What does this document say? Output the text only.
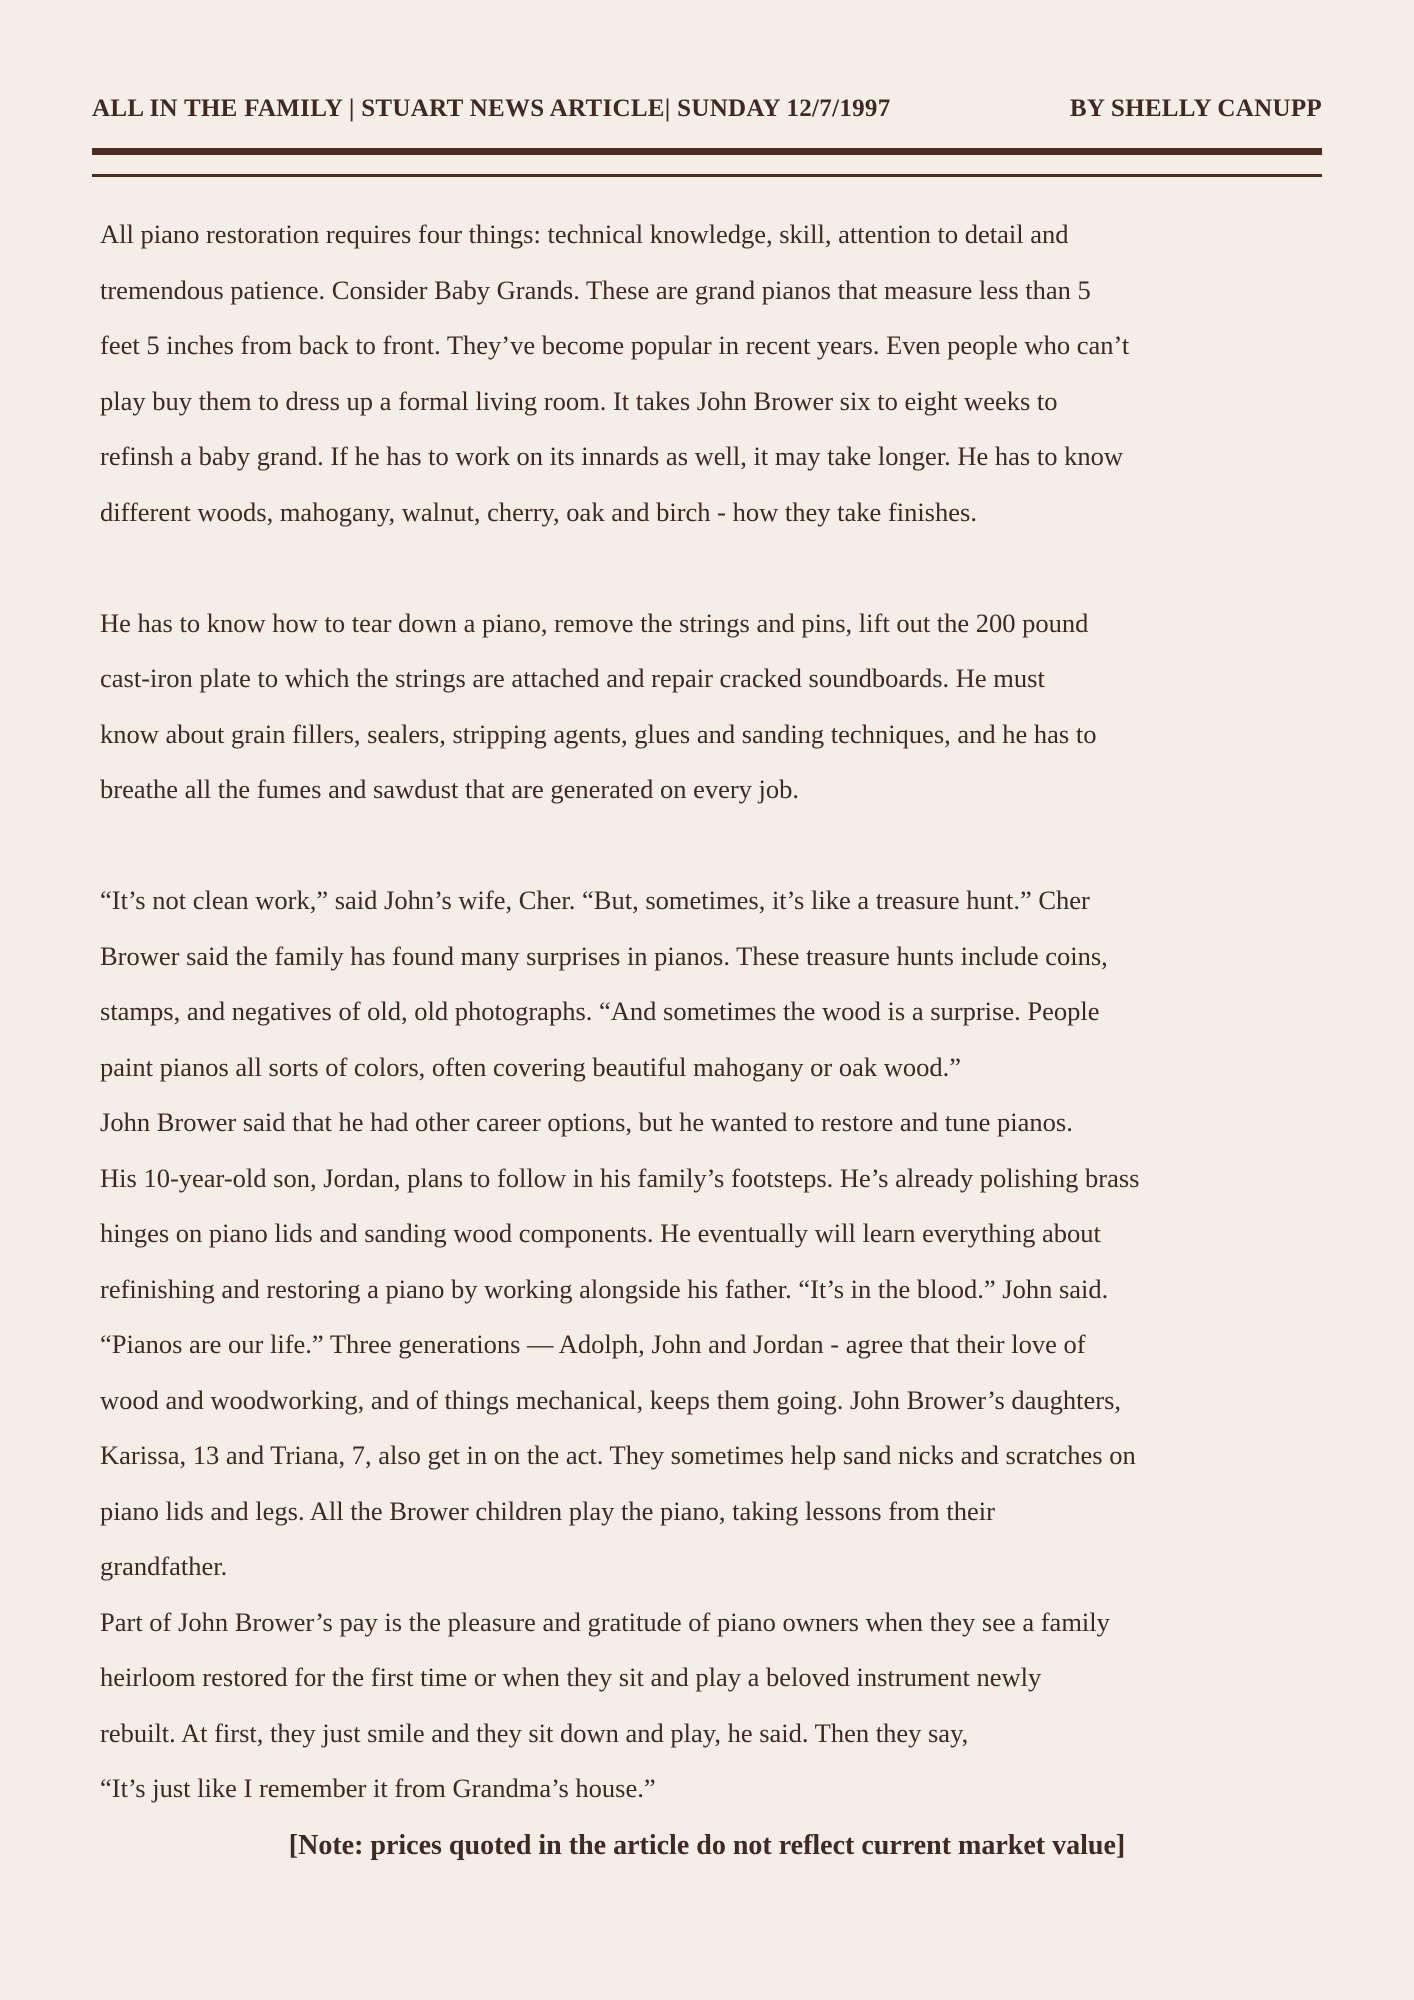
ALL IN THE FAMILY | STUART NEWS ARTICLE| SUNDAY 12/7/1997	BY SHELLY CANUPP
All piano restoration requires four things: technical knowledge, skill, attention to detail and
tremendous patience. Consider Baby Grands. These are grand pianos that measure less than 5
feet 5 inches from back to front. They’ve become popular in recent years. Even people who can’t
play buy them to dress up a formal living room. It takes John Brower six to eight weeks to
refinsh a baby grand. If he has to work on its innards as well, it may take longer. He has to know
different woods, mahogany, walnut, cherry, oak and birch - how they take finishes.
He has to know how to tear down a piano, remove the strings and pins, lift out the 200 pound
cast-iron plate to which the strings are attached and repair cracked soundboards. He must
know about grain fillers, sealers, stripping agents, glues and sanding techniques, and he has to
breathe all the fumes and sawdust that are generated on every job.
“It’s not clean work,” said John’s wife, Cher. “But, sometimes, it’s like a treasure hunt.” Cher
Brower said the family has found many surprises in pianos. These treasure hunts include coins,
stamps, and negatives of old, old photographs. “And sometimes the wood is a surprise. People
paint pianos all sorts of colors, often covering beautiful mahogany or oak wood.”
John Brower said that he had other career options, but he wanted to restore and tune pianos.
His 10-year-old son, Jordan, plans to follow in his family’s footsteps. He’s already polishing brass
hinges on piano lids and sanding wood components. He eventually will learn everything about
refinishing and restoring a piano by working alongside his father. “It’s in the blood.” John said.
“Pianos are our life.” Three generations — Adolph, John and Jordan - agree that their love of
wood and woodworking, and of things mechanical, keeps them going. John Brower’s daughters,
Karissa, 13 and Triana, 7, also get in on the act. They sometimes help sand nicks and scratches on
piano lids and legs. All the Brower children play the piano, taking lessons from their
grandfather.
Part of John Brower’s pay is the pleasure and gratitude of piano owners when they see a family
heirloom restored for the first time or when they sit and play a beloved instrument newly
rebuilt. At first, they just smile and they sit down and play, he said. Then they say,
“It’s just like I remember it from Grandma’s house.”
[Note: prices quoted in the article do not reflect current market value]
